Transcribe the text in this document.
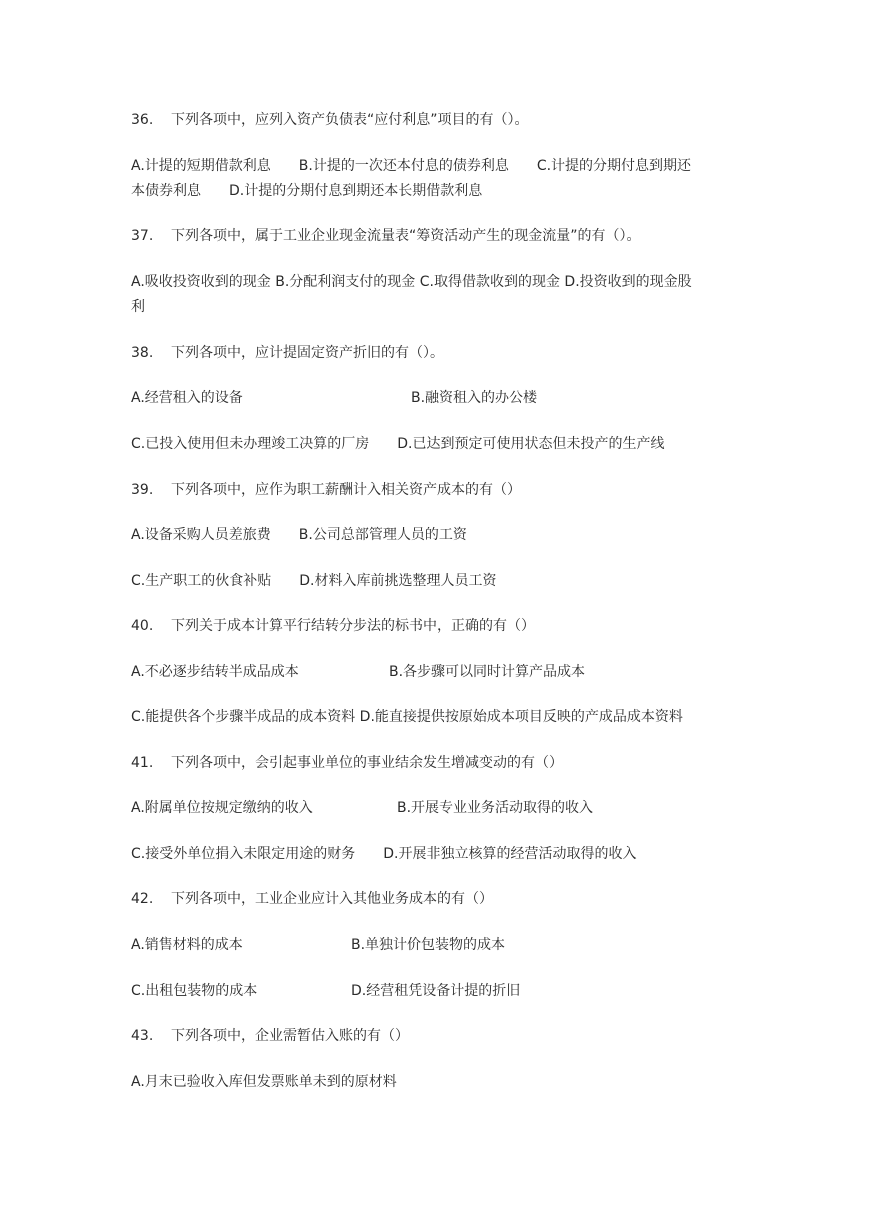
36. 下列各项中，应列入资产负债表“应付利息”项目的有（）。
A.计提的短期借款利息　　B.计提的一次还本付息的债券利息　　C.计提的分期付息到期还
本债券利息　　D.计提的分期付息到期还本长期借款利息
37. 下列各项中，属于工业企业现金流量表“筹资活动产生的现金流量”的有（）。
A.吸收投资收到的现金 B.分配利润支付的现金 C.取得借款收到的现金 D.投资收到的现金股
利
38. 下列各项中，应计提固定资产折旧的有（）。
A.经营租入的设备	B.融资租入的办公楼
C.已投入使用但未办理竣工决算的厂房　　D.已达到预定可使用状态但未投产的生产线
39. 下列各项中，应作为职工薪酬计入相关资产成本的有（）
A.设备采购人员差旅费　　B.公司总部管理人员的工资
C.生产职工的伙食补贴　　D.材料入库前挑选整理人员工资
40. 下列关于成本计算平行结转分步法的标书中，正确的有（）
A.不必逐步结转半成品成本	B.各步骤可以同时计算产品成本
C.能提供各个步骤半成品的成本资料 D.能直接提供按原始成本项目反映的产成品成本资料
41. 下列各项中，会引起事业单位的事业结余发生增减变动的有（）
A.附属单位按规定缴纳的收入	B.开展专业业务活动取得的收入
C.接受外单位捐入未限定用途的财务　　D.开展非独立核算的经营活动取得的收入
42. 下列各项中，工业企业应计入其他业务成本的有（）
A.销售材料的成本	B.单独计价包装物的成本
C.出租包装物的成本	D.经营租凭设备计提的折旧
43. 下列各项中，企业需暂估入账的有（）
A.月末已验收入库但发票账单未到的原材料
